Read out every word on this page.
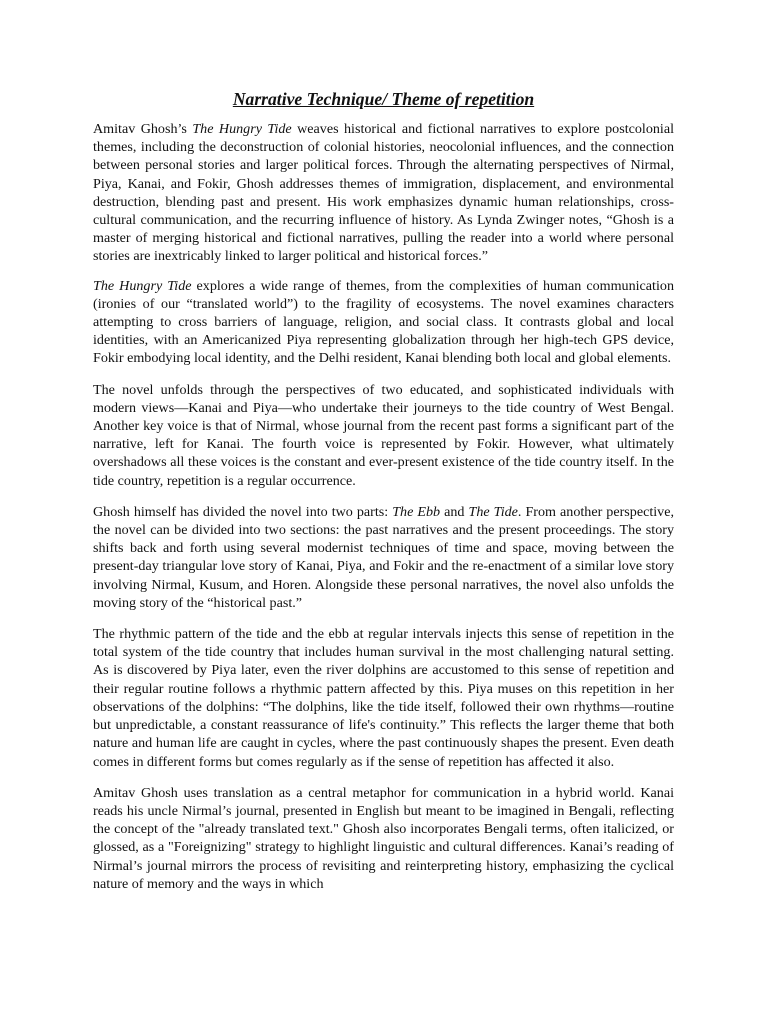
Narrative Technique/ Theme of repetition

Amitav Ghosh’s The Hungry Tide weaves historical and fictional narratives to explore postcolonial themes, including the deconstruction of colonial histories, neocolonial influences, and the connection between personal stories and larger political forces. Through the alternating perspectives of Nirmal, Piya, Kanai, and Fokir, Ghosh addresses themes of immigration, displacement, and environmental destruction, blending past and present. His work emphasizes dynamic human relationships, cross-cultural communication, and the recurring influence of history. As Lynda Zwinger notes, “Ghosh is a master of merging historical and fictional narratives, pulling the reader into a world where personal stories are inextricably linked to larger political and historical forces.”

The Hungry Tide explores a wide range of themes, from the complexities of human communication (ironies of our “translated world”) to the fragility of ecosystems. The novel examines characters attempting to cross barriers of language, religion, and social class. It contrasts global and local identities, with an Americanized Piya representing globalization through her high-tech GPS device, Fokir embodying local identity, and the Delhi resident, Kanai blending both local and global elements.

The novel unfolds through the perspectives of two educated, and sophisticated individuals with modern views—Kanai and Piya—who undertake their journeys to the tide country of West Bengal. Another key voice is that of Nirmal, whose journal from the recent past forms a significant part of the narrative, left for Kanai. The fourth voice is represented by Fokir. However, what ultimately overshadows all these voices is the constant and ever-present existence of the tide country itself. In the tide country, repetition is a regular occurrence.

Ghosh himself has divided the novel into two parts: The Ebb and The Tide. From another perspective, the novel can be divided into two sections: the past narratives and the present proceedings. The story shifts back and forth using several modernist techniques of time and space, moving between the present-day triangular love story of Kanai, Piya, and Fokir and the re-enactment of a similar love story involving Nirmal, Kusum, and Horen. Alongside these personal narratives, the novel also unfolds the moving story of the “historical past.”

The rhythmic pattern of the tide and the ebb at regular intervals injects this sense of repetition in the total system of the tide country that includes human survival in the most challenging natural setting. As is discovered by Piya later, even the river dolphins are accustomed to this sense of repetition and their regular routine follows a rhythmic pattern affected by this. Piya muses on this repetition in her observations of the dolphins: “The dolphins, like the tide itself, followed their own rhythms—routine but unpredictable, a constant reassurance of life's continuity.” This reflects the larger theme that both nature and human life are caught in cycles, where the past continuously shapes the present. Even death comes in different forms but comes regularly as if the sense of repetition has affected it also.

Amitav Ghosh uses translation as a central metaphor for communication in a hybrid world. Kanai reads his uncle Nirmal’s journal, presented in English but meant to be imagined in Bengali, reflecting the concept of the "already translated text." Ghosh also incorporates Bengali terms, often italicized, or glossed, as a "Foreignizing" strategy to highlight linguistic and cultural differences. Kanai’s reading of Nirmal’s journal mirrors the process of revisiting and reinterpreting history, emphasizing the cyclical nature of memory and the ways in which
